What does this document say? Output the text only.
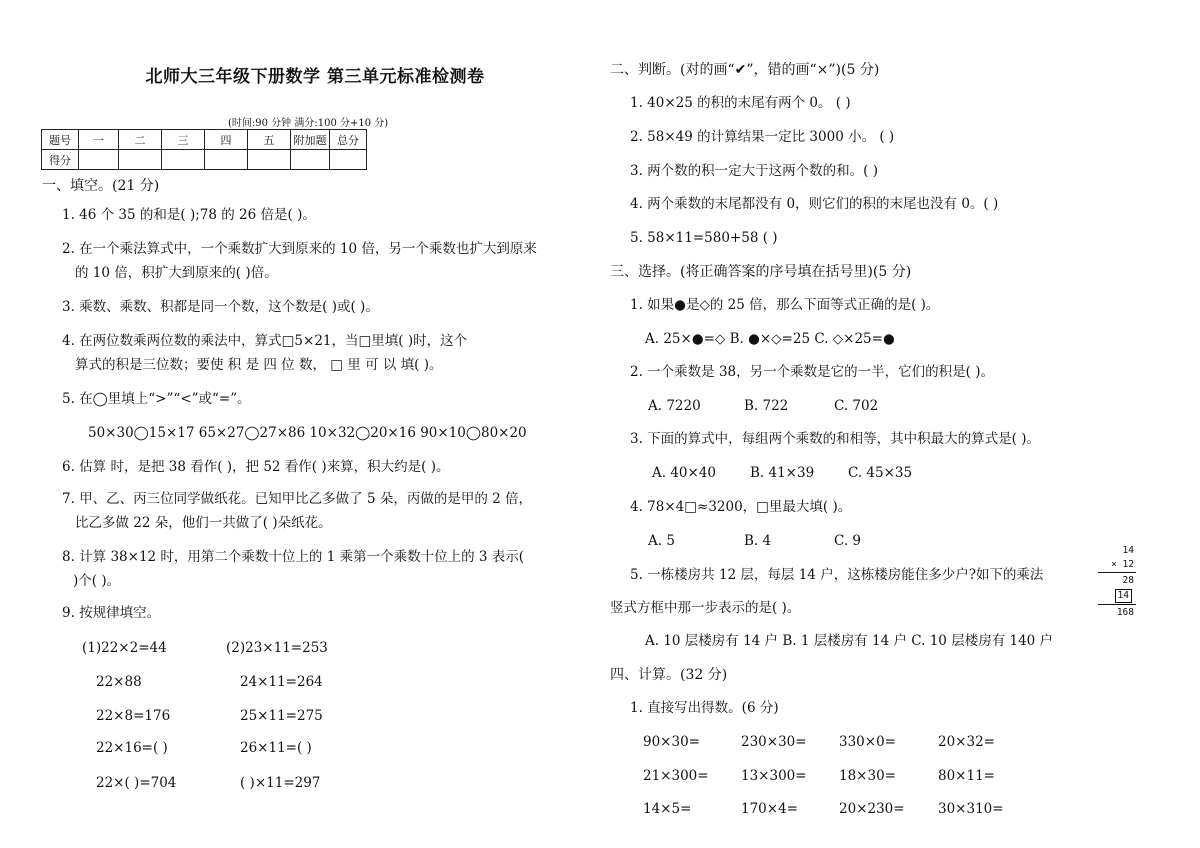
北师大三年级下册数学 第三单元标准检测卷
(时间:90 分钟 满分:100 分+10 分)
题号	一	二	三	四	五	附加题	总分
得分							
一、填空。(21 分)
1. 46 个 35 的和是( );78 的 26 倍是( )。
2. 在一个乘法算式中，一个乘数扩大到原来的 10 倍，另一个乘数也扩大到原来
的 10 倍，积扩大到原来的( )倍。
3. 乘数、乘数、积都是同一个数，这个数是( )或( )。
4. 在两位数乘两位数的乘法中，算式□5×21，当□里填( )时，这个
算式的积是三位数；要使 积 是 四 位 数， □ 里 可 以 填( )。
5. 在◯里填上“>”“<”或“=”。
50×30◯15×17 65×27◯27×86 10×32◯20×16 90×10◯80×20
6. 估算 时，是把 38 看作( )，把 52 看作( )来算，积大约是( )。
7. 甲、乙、丙三位同学做纸花。已知甲比乙多做了 5 朵，丙做的是甲的 2 倍，
比乙多做 22 朵，他们一共做了( )朵纸花。
8. 计算 38×12 时，用第二个乘数十位上的 1 乘第一个乘数十位上的 3 表示(
)个( )。
9. 按规律填空。
(1)22×2=44
22×88
22×8=176
22×16=( )
22×( )=704
(2)23×11=253
24×11=264
25×11=275
26×11=( )
( )×11=297
二、判断。(对的画“✔”，错的画“×”)(5 分)
1. 40×25 的积的末尾有两个 0。 ( )
2. 58×49 的计算结果一定比 3000 小。 ( )
3. 两个数的积一定大于这两个数的和。( )
4. 两个乘数的末尾都没有 0，则它们的积的末尾也没有 0。( )
5. 58×11=580+58 ( )
三、选择。(将正确答案的序号填在括号里)(5 分)
1. 如果●是◇的 25 倍，那么下面等式正确的是( )。
A. 25×●=◇ B. ●×◇=25 C. ◇×25=●
2. 一个乘数是 38，另一个乘数是它的一半，它们的积是( )。
A. 7220	B. 722	C. 702
3. 下面的算式中，每组两个乘数的和相等，其中积最大的算式是( )。
A. 40×40	B. 41×39	C. 45×35
4. 78×4□≈3200，□里最大填( )。
A. 5	B. 4	C. 9
5. 一栋楼房共 12 层，每层 14 户，这栋楼房能住多少户?如下的乘法
竖式方框中那一步表示的是( )。
A. 10 层楼房有 14 户 B. 1 层楼房有 14 户 C. 10 层楼房有 140 户
14
× 12
28
14
168
四、计算。(32 分)
1. 直接写出得数。(6 分)
90×30=	230×30= 330×0=	20×32=
21×300= 13×300= 18×30=	80×11=
14×5=	170×4=	20×230= 30×310=
